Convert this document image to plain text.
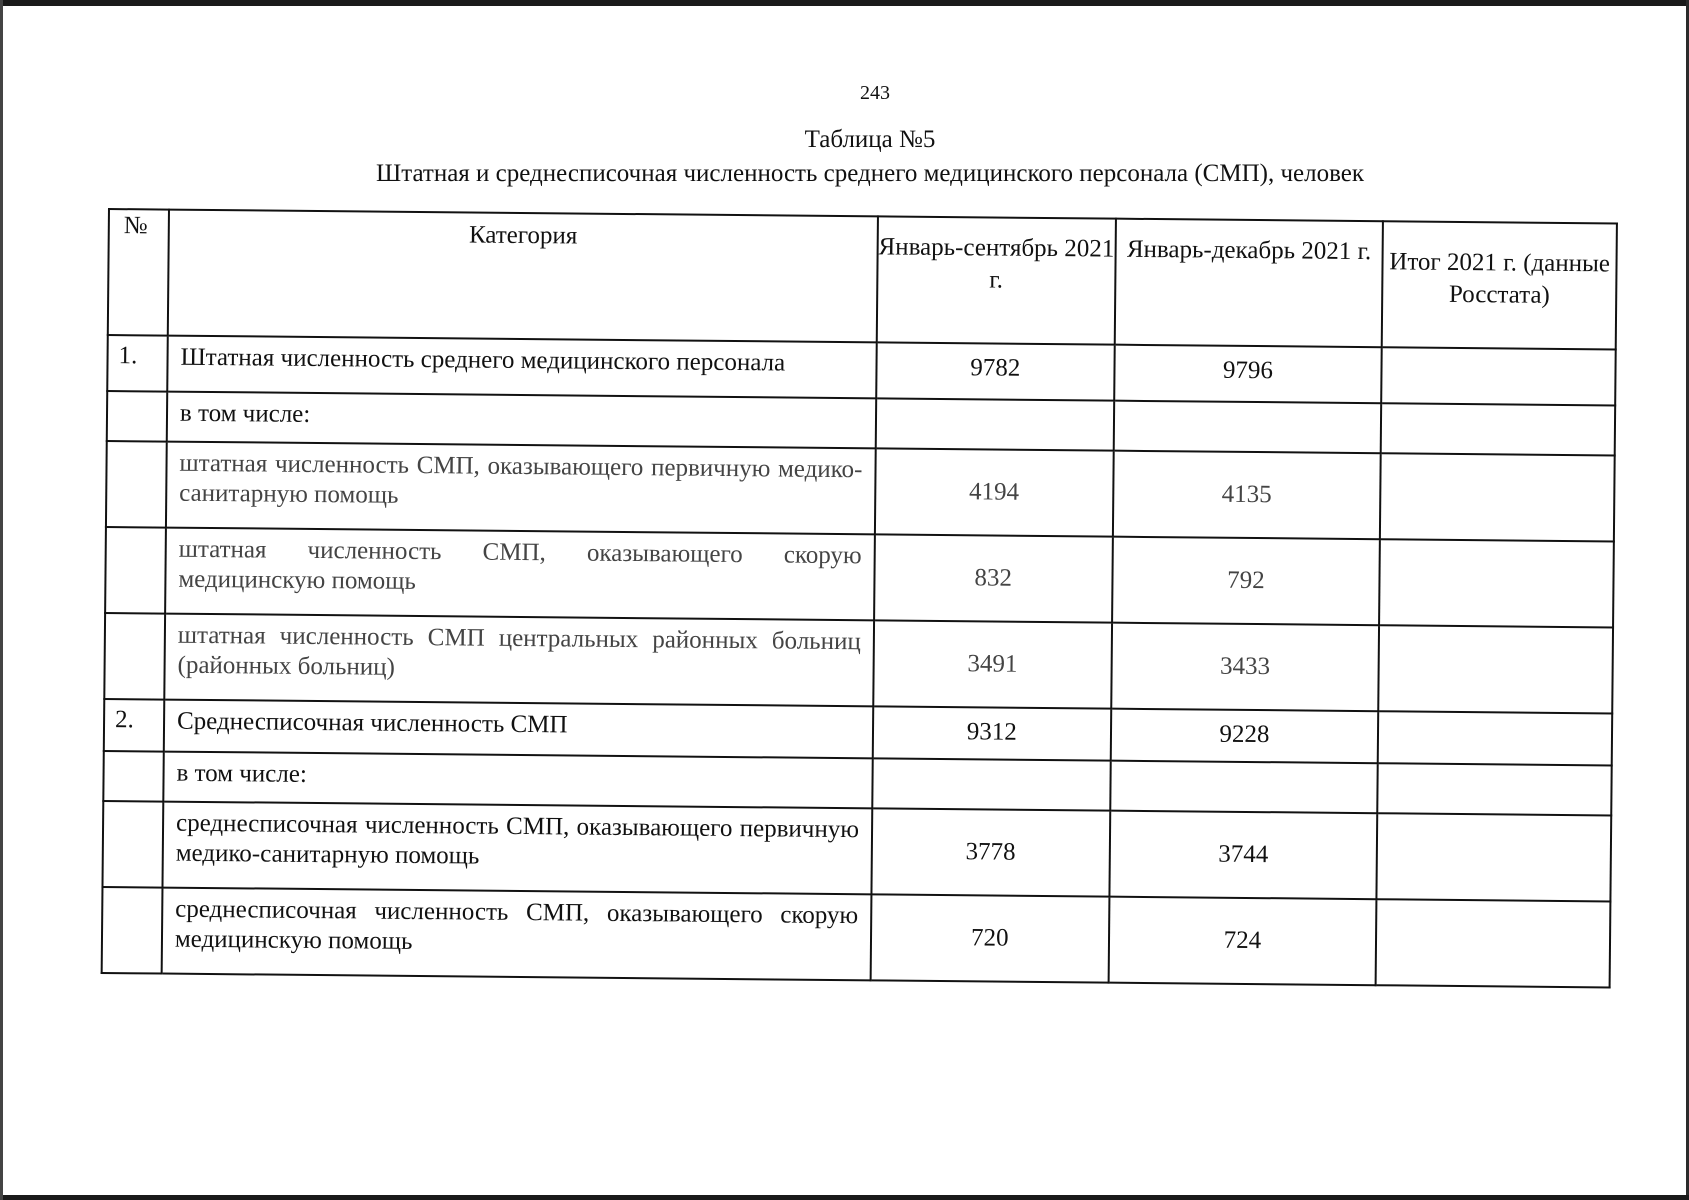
243
Таблица №5
Штатная и среднесписочная численность среднего медицинского персонала (СМП), человек
№	Категория	Январь-сентябрь 2021 г.	Январь-декабрь 2021 г.	Итог 2021 г. (данные Росстата)
1.	Штатная численность среднего медицинского персонала	9782	9796	
	в том числе:			
	штатная численность СМП, оказывающего первичную медико-санитарную помощь	4194	4135	
	штатная численность СМП, оказывающего скорую медицинскую помощь	832	792	
	штатная численность СМП центральных районных больниц (районных больниц)	3491	3433	
2.	Среднесписочная численность СМП	9312	9228	
	в том числе:			
	среднесписочная численность СМП, оказывающего первичную медико-санитарную помощь	3778	3744	
	среднесписочная численность СМП, оказывающего скорую медицинскую помощь	720	724	
